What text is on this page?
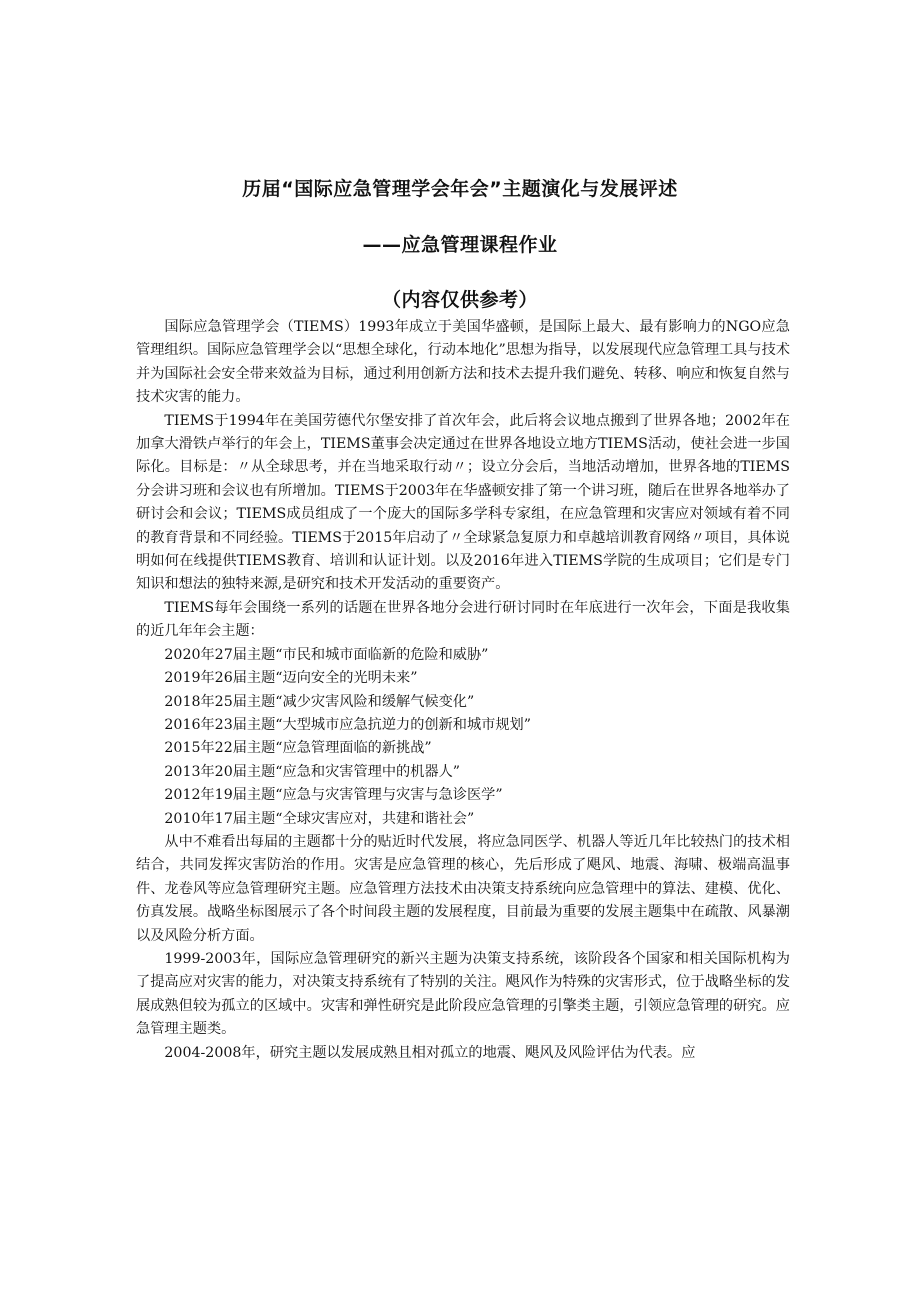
历届“国际应急管理学会年会”主题演化与发展评述
——应急管理课程作业
（内容仅供参考）

国际应急管理学会（TIEMS）1993年成立于美国华盛顿，是国际上最大、最有影响力的NGO应急管理组织。国际应急管理学会以“思想全球化，行动本地化”思想为指导，以发展现代应急管理工具与技术并为国际社会安全带来效益为目标，通过利用创新方法和技术去提升我们避免、转移、响应和恢复自然与技术灾害的能力。

TIEMS于1994年在美国劳德代尔堡安排了首次年会，此后将会议地点搬到了世界各地；2002年在加拿大滑铁卢举行的年会上，TIEMS董事会决定通过在世界各地设立地方TIEMS活动，使社会进一步国际化。目标是：〃从全球思考，并在当地采取行动〃；设立分会后，当地活动增加，世界各地的TIEMS分会讲习班和会议也有所增加。TIEMS于2003年在华盛顿安排了第一个讲习班，随后在世界各地举办了研讨会和会议；TIEMS成员组成了一个庞大的国际多学科专家组，在应急管理和灾害应对领域有着不同的教育背景和不同经验。TIEMS于2015年启动了〃全球紧急复原力和卓越培训教育网络〃项目，具体说明如何在线提供TIEMS教育、培训和认证计划。以及2016年进入TIEMS学院的生成项目；它们是专门知识和想法的独特来源,是研究和技术开发活动的重要资产。

TIEMS每年会围绕一系列的话题在世界各地分会进行研讨同时在年底进行一次年会，下面是我收集的近几年年会主题：

2020年27届主题“市民和城市面临新的危险和威胁”

2019年26届主题“迈向安全的光明未来”

2018年25届主题“减少灾害风险和缓解气候变化”

2016年23届主题“大型城市应急抗逆力的创新和城市规划”

2015年22届主题“应急管理面临的新挑战”

2013年20届主题“应急和灾害管理中的机器人”

2012年19届主题“应急与灾害管理与灾害与急诊医学”

2010年17届主题“全球灾害应对，共建和谐社会”

从中不难看出每届的主题都十分的贴近时代发展，将应急同医学、机器人等近几年比较热门的技术相结合，共同发挥灾害防治的作用。灾害是应急管理的核心，先后形成了飓风、地震、海啸、极端高温事件、龙卷风等应急管理研究主题。应急管理方法技术由决策支持系统向应急管理中的算法、建模、优化、仿真发展。战略坐标图展示了各个时间段主题的发展程度，目前最为重要的发展主题集中在疏散、风暴潮以及风险分析方面。

1999-2003年，国际应急管理研究的新兴主题为决策支持系统，该阶段各个国家和相关国际机构为了提高应对灾害的能力，对决策支持系统有了特别的关注。飓风作为特殊的灾害形式，位于战略坐标的发展成熟但较为孤立的区域中。灾害和弹性研究是此阶段应急管理的引擎类主题，引领应急管理的研究。应急管理主题类。

2004-2008年，研究主题以发展成熟且相对孤立的地震、飓风及风险评估为代表。应
